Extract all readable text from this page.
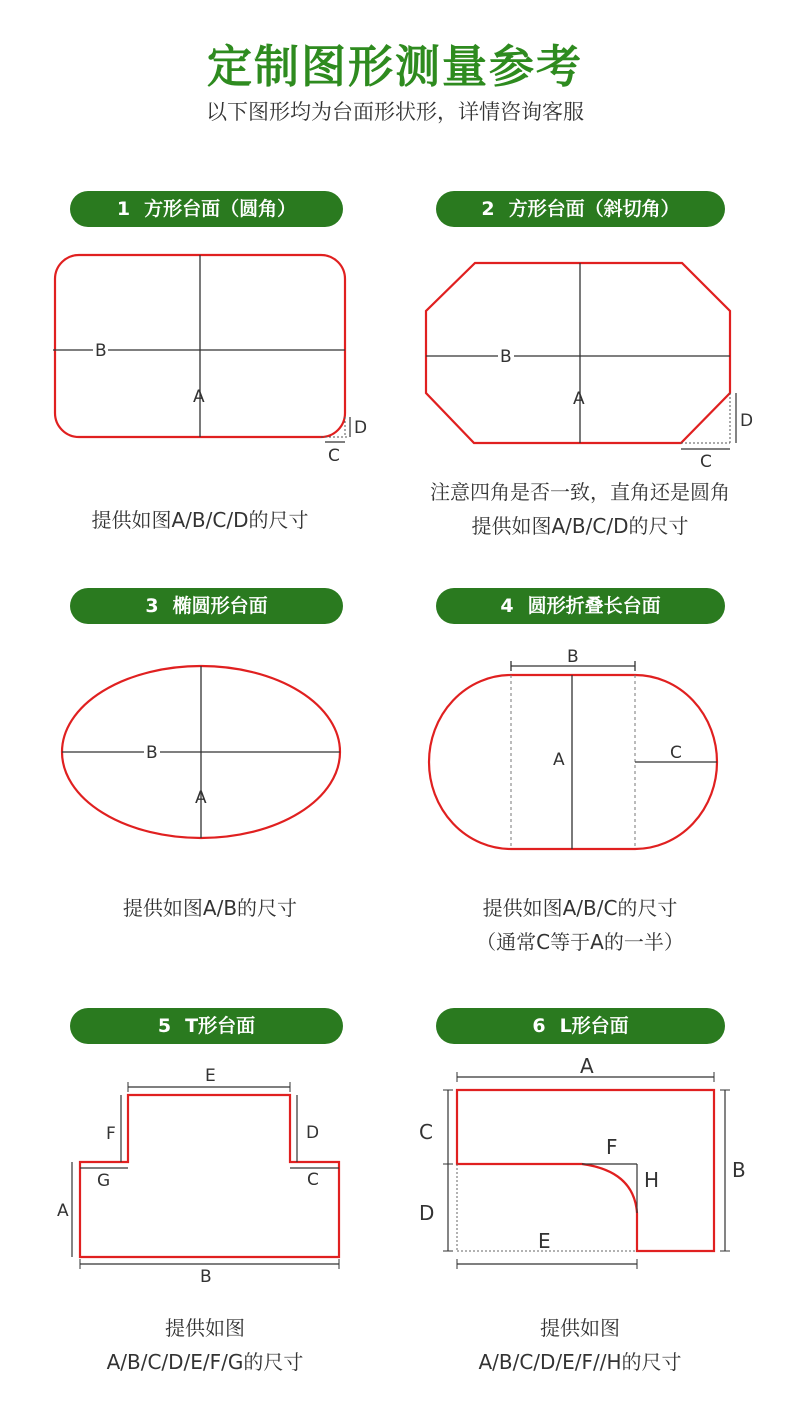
定制图形测量参考
以下图形均为台面形状形，详情咨询客服
1 方形台面（圆角）
B
A
C
D
提供如图A/B/C/D的尺寸
2 方形台面（斜切角）
B
A
C
D
注意四角是否一致，直角还是圆角
提供如图A/B/C/D的尺寸
3 椭圆形台面
B
A
提供如图A/B的尺寸
4 圆形折叠长台面
B
A	C
提供如图A/B/C的尺寸
（通常C等于A的一半）
5 T形台面
E
F	D
G	C
A
B
提供如图
A/B/C/D/E/F/G的尺寸
6 L形台面
A
B
C
D
E
F
H
提供如图
A/B/C/D/E/F//H的尺寸
